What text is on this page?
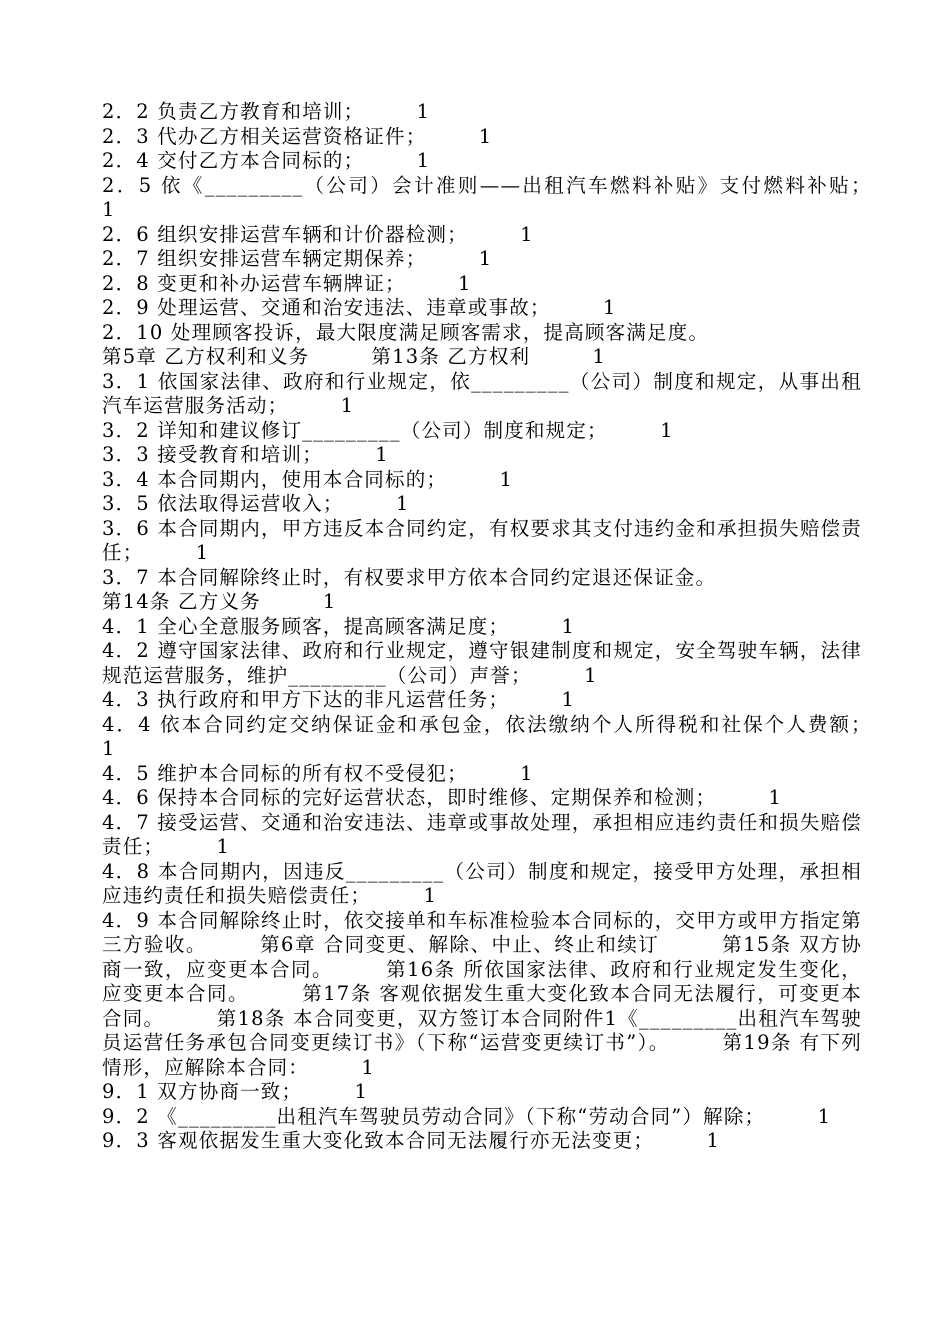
2．2 负责乙方教育和培训；　　　1

2．3 代办乙方相关运营资格证件；　　　1

2．4 交付乙方本合同标的；　　　1

2．5 依《_________（公司）会计准则——出租汽车燃料补贴》支付燃料补贴；　　　1

2．6 组织安排运营车辆和计价器检测；　　　1

2．7 组织安排运营车辆定期保养；　　　1

2．8 变更和补办运营车辆牌证；　　　1

2．9 处理运营、交通和治安违法、违章或事故；　　　1

2．10 处理顾客投诉，最大限度满足顾客需求，提高顾客满足度。

第5章 乙方权利和义务　　　第13条 乙方权利　　　1

3．1 依国家法律、政府和行业规定，依_________（公司）制度和规定，从事出租汽车运营服务活动；　　　1

3．2 详知和建议修订_________（公司）制度和规定；　　　1

3．3 接受教育和培训；　　　1

3．4 本合同期内，使用本合同标的；　　　1

3．5 依法取得运营收入；　　　1

3．6 本合同期内，甲方违反本合同约定，有权要求其支付违约金和承担损失赔偿责任；　　　1

3．7 本合同解除终止时，有权要求甲方依本合同约定退还保证金。

第14条 乙方义务　　　1

4．1 全心全意服务顾客，提高顾客满足度；　　　1

4．2 遵守国家法律、政府和行业规定，遵守银建制度和规定，安全驾驶车辆，法律规范运营服务，维护_________（公司）声誉；　　　1

4．3 执行政府和甲方下达的非凡运营任务；　　　1

4．4 依本合同约定交纳保证金和承包金，依法缴纳个人所得税和社保个人费额；　　　1

4．5 维护本合同标的所有权不受侵犯；　　　1

4．6 保持本合同标的完好运营状态，即时维修、定期保养和检测；　　　1

4．7 接受运营、交通和治安违法、违章或事故处理，承担相应违约责任和损失赔偿责任；　　　1

4．8 本合同期内，因违反_________（公司）制度和规定，接受甲方处理，承担相应违约责任和损失赔偿责任；　　　1

4．9 本合同解除终止时，依交接单和车标准检验本合同标的，交甲方或甲方指定第三方验收。　　　第6章 合同变更、解除、中止、终止和续订　　　第15条 双方协商一致，应变更本合同。　　　第16条 所依国家法律、政府和行业规定发生变化，应变更本合同。　　　第17条 客观依据发生重大变化致本合同无法履行，可变更本合同。　　　第18条 本合同变更，双方签订本合同附件1《_________出租汽车驾驶员运营任务承包合同变更续订书》（下称“运营变更续订书”）。　　　第19条 有下列情形，应解除本合同：　　　1

9．1 双方协商一致；　　　1

9．2 《_________出租汽车驾驶员劳动合同》（下称“劳动合同”）解除；　　　1

9．3 客观依据发生重大变化致本合同无法履行亦无法变更；　　　1
